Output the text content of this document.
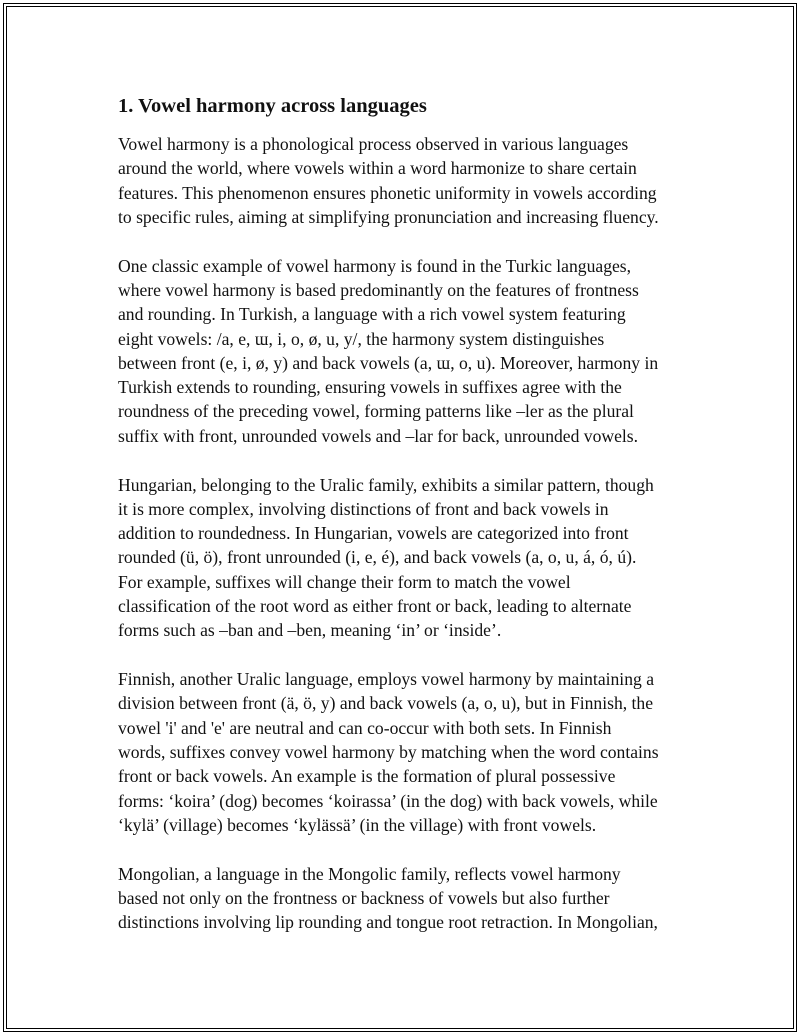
1. Vowel harmony across languages

Vowel harmony is a phonological process observed in various languages
around the world, where vowels within a word harmonize to share certain
features. This phenomenon ensures phonetic uniformity in vowels according
to specific rules, aiming at simplifying pronunciation and increasing fluency.

One classic example of vowel harmony is found in the Turkic languages,
where vowel harmony is based predominantly on the features of frontness
and rounding. In Turkish, a language with a rich vowel system featuring
eight vowels: /a, e, ɯ, i, o, ø, u, y/, the harmony system distinguishes
between front (e, i, ø, y) and back vowels (a, ɯ, o, u). Moreover, harmony in
Turkish extends to rounding, ensuring vowels in suffixes agree with the
roundness of the preceding vowel, forming patterns like –ler as the plural
suffix with front, unrounded vowels and –lar for back, unrounded vowels.

Hungarian, belonging to the Uralic family, exhibits a similar pattern, though
it is more complex, involving distinctions of front and back vowels in
addition to roundedness. In Hungarian, vowels are categorized into front
rounded (ü, ö), front unrounded (i, e, é), and back vowels (a, o, u, á, ó, ú).
For example, suffixes will change their form to match the vowel
classification of the root word as either front or back, leading to alternate
forms such as –ban and –ben, meaning ‘in’ or ‘inside’.

Finnish, another Uralic language, employs vowel harmony by maintaining a
division between front (ä, ö, y) and back vowels (a, o, u), but in Finnish, the
vowel 'i' and 'e' are neutral and can co-occur with both sets. In Finnish
words, suffixes convey vowel harmony by matching when the word contains
front or back vowels. An example is the formation of plural possessive
forms: ‘koira’ (dog) becomes ‘koirassa’ (in the dog) with back vowels, while
‘kylä’ (village) becomes ‘kylässä’ (in the village) with front vowels.

Mongolian, a language in the Mongolic family, reflects vowel harmony
based not only on the frontness or backness of vowels but also further
distinctions involving lip rounding and tongue root retraction. In Mongolian,
